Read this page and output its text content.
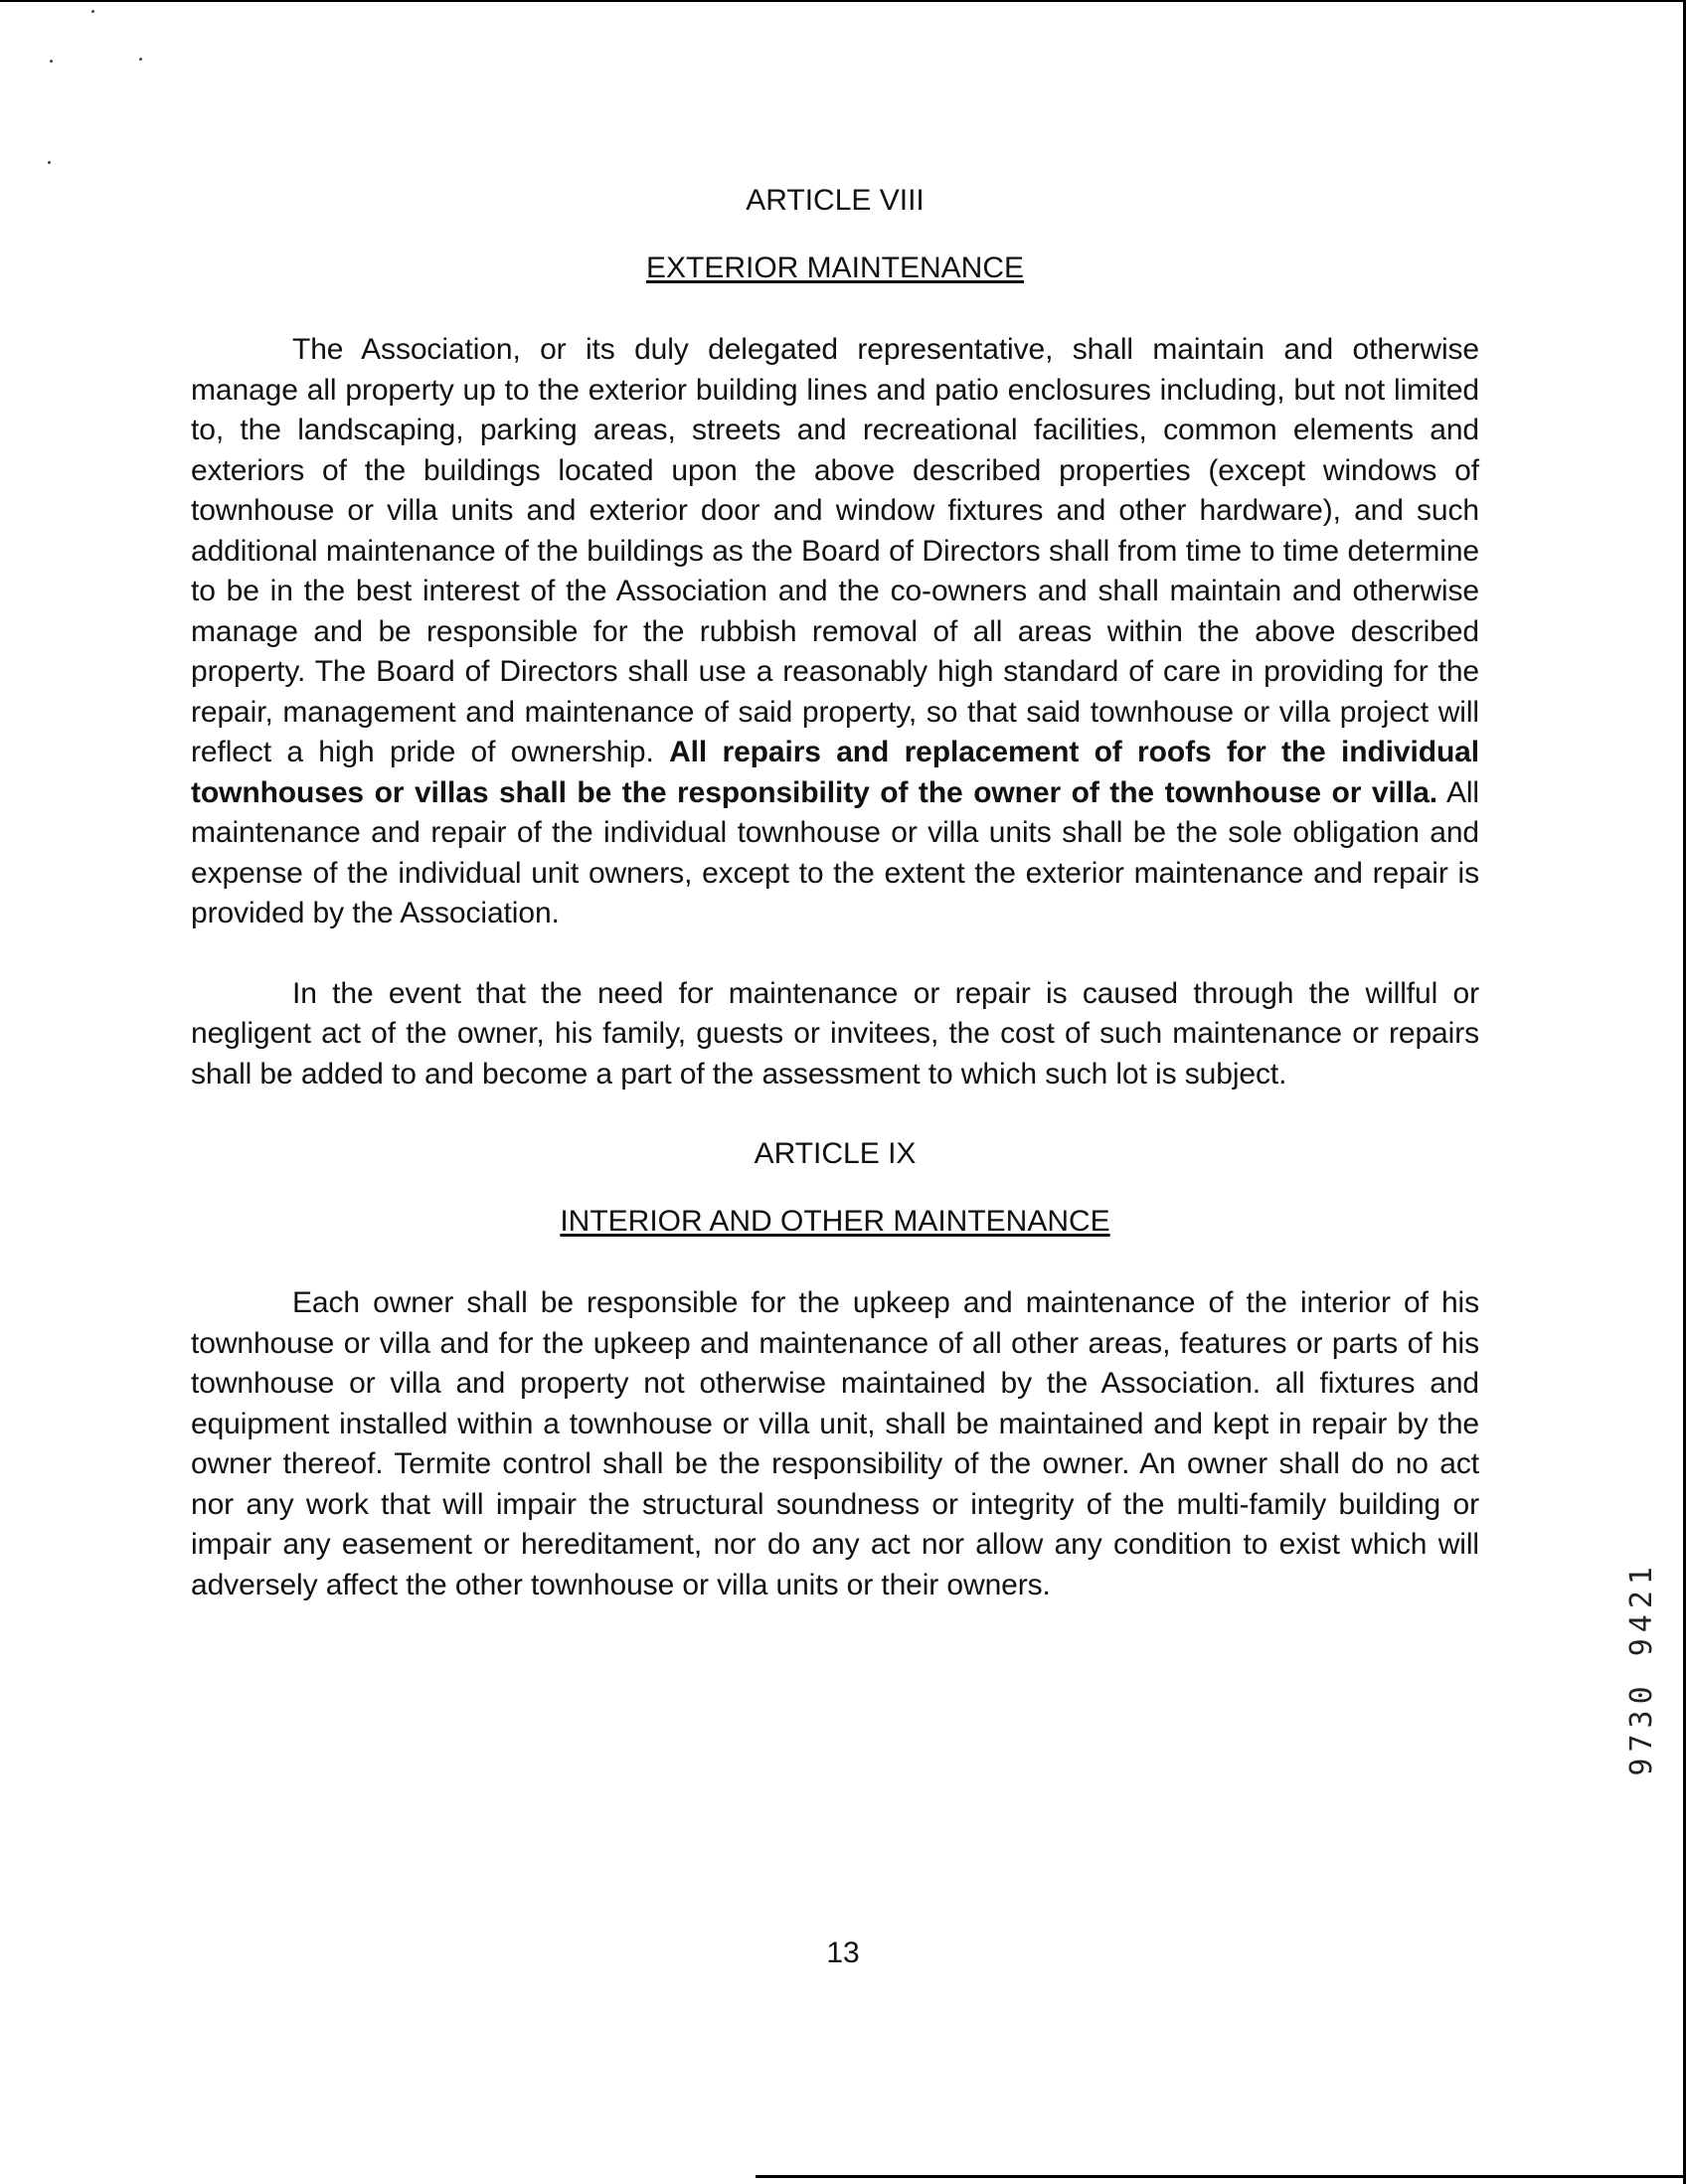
ARTICLE VIII
EXTERIOR MAINTENANCE

The Association, or its duly delegated representative, shall maintain and otherwise manage all property up to the exterior building lines and patio enclosures including, but not limited to, the landscaping, parking areas, streets and recreational facilities, common elements and exteriors of the buildings located upon the above described properties (except windows of townhouse or villa units and exterior door and window fixtures and other hardware), and such additional maintenance of the buildings as the Board of Directors shall from time to time determine to be in the best interest of the Association and the co-owners and shall maintain and otherwise manage and be responsible for the rubbish removal of all areas within the above described property. The Board of Directors shall use a reasonably high standard of care in providing for the repair, management and maintenance of said property, so that said townhouse or villa project will reflect a high pride of ownership. All repairs and replacement of roofs for the individual townhouses or villas shall be the responsibility of the owner of the townhouse or villa. All maintenance and repair of the individual townhouse or villa units shall be the sole obligation and expense of the individual unit owners, except to the extent the exterior maintenance and repair is provided by the Association.

In the event that the need for maintenance or repair is caused through the willful or negligent act of the owner, his family, guests or invitees, the cost of such maintenance or repairs shall be added to and become a part of the assessment to which such lot is subject.

ARTICLE IX
INTERIOR AND OTHER MAINTENANCE

Each owner shall be responsible for the upkeep and maintenance of the interior of his townhouse or villa and for the upkeep and maintenance of all other areas, features or parts of his townhouse or villa and property not otherwise maintained by the Association. all fixtures and equipment installed within a townhouse or villa unit, shall be maintained and kept in repair by the owner thereof. Termite control shall be the responsibility of the owner. An owner shall do no act nor any work that will impair the structural soundness or integrity of the multi-family building or impair any easement or hereditament, nor do any act nor allow any condition to exist which will adversely affect the other townhouse or villa units or their owners.	9730 9421
13
